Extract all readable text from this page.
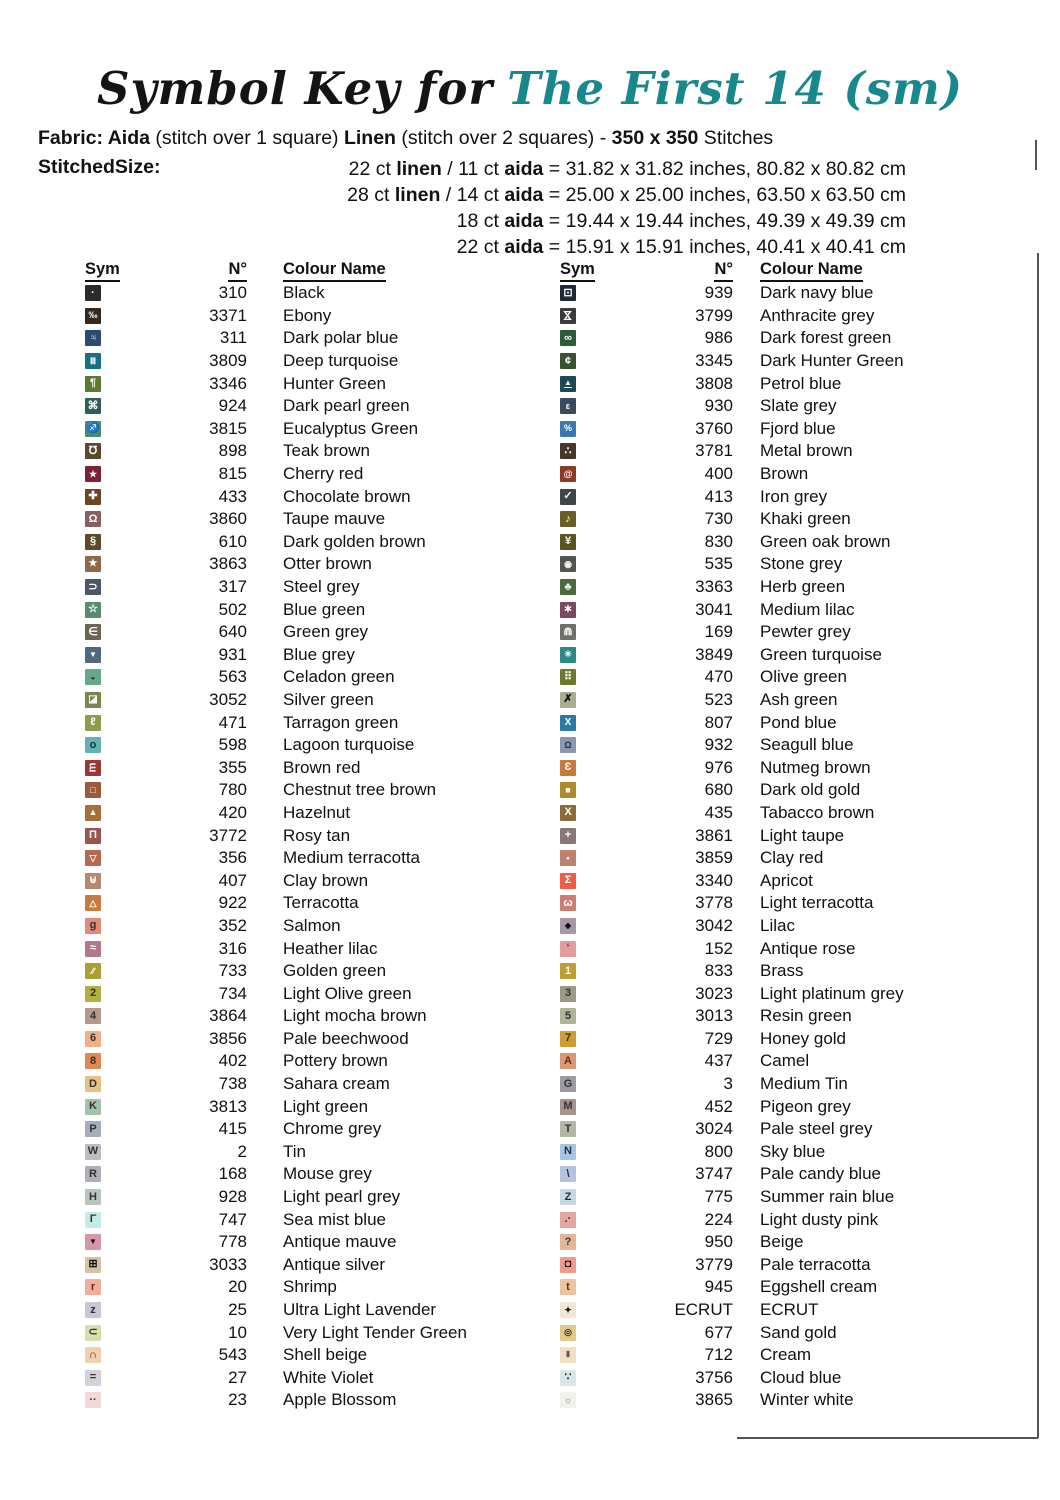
Symbol Key for The First 14 (sm)
Fabric: Aida (stitch over 1 square) Linen (stitch over 2 squares) - 350 x 350 Stitches
StitchedSize:	22 ct linen / 11 ct aida = 31.82 x 31.82 inches, 80.82 x 80.82 cm
28 ct linen / 14 ct aida = 25.00 x 25.00 inches, 63.50 x 63.50 cm
18 ct aida = 19.44 x 19.44 inches, 49.39 x 49.39 cm
22 ct aida = 15.91 x 15.91 inches, 40.41 x 40.41 cm
Sym	N° Colour Name
·	310 Black
‰	3371 Ebony
♃	311 Dark polar blue
Ⅲ	3809 Deep turquoise
¶	3346 Hunter Green
⌘	924 Dark pearl green
♐	3815 Eucalyptus Green
℧	898 Teak brown
★	815 Cherry red
✚	433 Chocolate brown
Ω	3860 Taupe mauve
§	610 Dark golden brown
★	3863 Otter brown
⊃	317 Steel grey
☆	502 Blue green
∈	640 Green grey
▼	931 Blue grey
◒	563 Celadon green
◪	3052 Silver green
ℓ	471 Tarragon green
o	598 Lagoon turquoise
m	355 Brown red
□	780 Chestnut tree brown
▲	420 Hazelnut
Π	3772 Rosy tan
▽	356 Medium terracotta
⊎	407 Clay brown
△	922 Terracotta
g	352 Salmon
≈	316 Heather lilac
∕∕	733 Golden green
2	734 Light Olive green
4	3864 Light mocha brown
6	3856 Pale beechwood
8	402 Pottery brown
D	738 Sahara cream
K	3813 Light green
P	415 Chrome grey
W	2 Tin
R	168 Mouse grey
H	928 Light pearl grey
Γ	747 Sea mist blue
▼	778 Antique mauve
⊞	3033 Antique silver
r	20 Shrimp
z	25 Ultra Light Lavender
⊂	10 Very Light Tender Green
∩	543 Shell beige
=	27 White Violet
··	23 Apple Blossom
Sym	N° Colour Name
⊡	939 Dark navy blue
⋈	3799 Anthracite grey
∞	986 Dark forest green
¢	3345 Dark Hunter Green
▲	3808 Petrol blue
ɛ	930 Slate grey
%	3760 Fjord blue
∴	3781 Metal brown
@	400 Brown
✓	413 Iron grey
♪	730 Khaki green
¥	830 Green oak brown
◉	535 Stone grey
♣	3363 Herb green
∗	3041 Medium lilac
⋒	169 Pewter grey
✳	3849 Green turquoise
⠿	470 Olive green
✗	523 Ash green
X	807 Pond blue
Ω	932 Seagull blue
Ɛ	976 Nutmeg brown
■	680 Dark old gold
Χ	435 Tabacco brown
+	3861 Light taupe
•	3859 Clay red
Σ	3340 Apricot
ω	3778 Light terracotta
◆	3042 Lilac
‘	152 Antique rose
1	833 Brass
3	3023 Light platinum grey
5	3013 Resin green
7	729 Honey gold
A	437 Camel
G	3 Medium Tin
M	452 Pigeon grey
T	3024 Pale steel grey
N	800 Sky blue
\	3747 Pale candy blue
Z	775 Summer rain blue
.·	224 Light dusty pink
?	950 Beige
◘	3779 Pale terracotta
t	945 Eggshell cream
✦	ECRUT ECRUT
◎	677 Sand gold
Ⅱ	712 Cream
∵	3756 Cloud blue
☼	3865 Winter white
